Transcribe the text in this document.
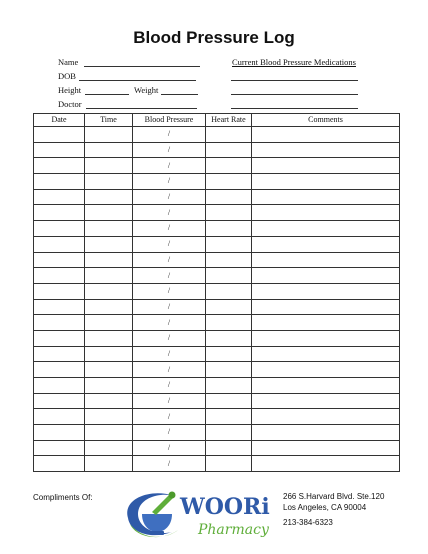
Blood Pressure Log
Name
DOB
Height	Weight
Doctor
Current Blood Pressure Medications
Date	Time	Blood Pressure	Heart Rate	Comments
		/		
		/		
		/		
		/		
		/		
		/		
		/		
		/		
		/		
		/		
		/		
		/		
		/		
		/		
		/		
		/		
		/		
		/		
		/		
		/		
		/		
		/		
Compliments Of:	WOORi
Pharmacy
266 S.Harvard Blvd. Ste.120
Los Angeles, CA 90004
213-384-6323
